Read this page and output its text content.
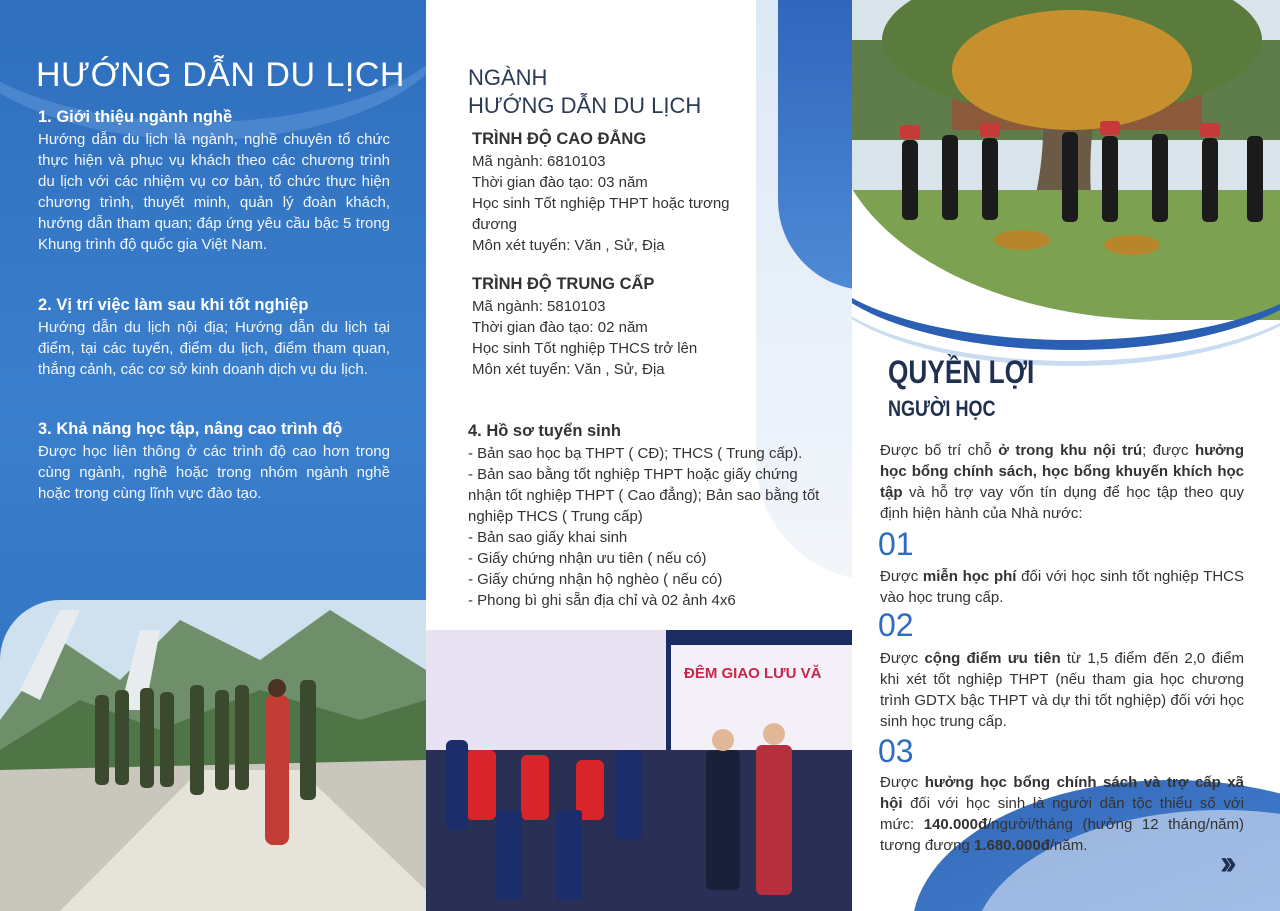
HƯỚNG DẪN DU LỊCH
1. Giới thiệu ngành nghề

Hướng dẫn du lịch là ngành, nghề chuyên tổ chức thực hiện và phục vụ khách theo các chương trình du lịch với các nhiệm vụ cơ bản, tổ chức thực hiện chương trình, thuyết minh, quản lý đoàn khách, hướng dẫn tham quan; đáp ứng yêu cầu bậc 5 trong Khung trình độ quốc gia Việt Nam.

2. Vị trí việc làm sau khi tốt nghiệp

Hướng dẫn du lịch nội địa; Hướng dẫn du lịch tại điểm, tại các tuyến, điểm du lịch, điểm tham quan, thắng cảnh, các cơ sở kinh doanh dịch vụ du lịch.

3. Khả năng học tập, nâng cao trình độ

Được học liên thông ở các trình độ cao hơn trong cùng ngành, nghề hoặc trong nhóm ngành nghề hoặc trong cùng lĩnh vực đào tạo.

NGÀNH
HƯỚNG DẪN DU LỊCH
TRÌNH ĐỘ CAO ĐẲNG
Mã ngành: 6810103
Thời gian đào tạo: 03 năm
Học sinh Tốt nghiệp THPT hoặc tương đương
Môn xét tuyển: Văn , Sử, Địa
TRÌNH ĐỘ TRUNG CẤP
Mã ngành: 5810103
Thời gian đào tạo: 02 năm
Học sinh Tốt nghiệp THCS trở lên
Môn xét tuyển: Văn , Sử, Địa
4. Hồ sơ tuyển sinh
- Bản sao học bạ THPT ( CĐ); THCS ( Trung cấp).
- Bản sao bằng tốt nghiệp THPT hoặc giấy chứng nhận tốt nghiệp THPT ( Cao đẳng); Bản sao bằng tốt nghiệp THCS ( Trung cấp)
- Bản sao giấy khai sinh
- Giấy chứng nhận ưu tiên ( nếu có)
- Giấy chứng nhận hộ nghèo ( nếu có)
- Phong bì ghi sẵn địa chỉ và 02 ảnh 4x6
ĐÊM GIAO LƯU VĂ
QUYỀN LỢI
NGƯỜI HỌC
Được bố trí chỗ ở trong khu nội trú; được hưởng học bổng chính sách, học bổng khuyến khích học tập và hỗ trợ vay vốn tín dụng để học tập theo quy định hiện hành của Nhà nước:
01
Được miễn học phí đối với học sinh tốt nghiệp THCS vào học trung cấp.
02
Được cộng điểm ưu tiên từ 1,5 điểm đến 2,0 điểm khi xét tốt nghiệp THPT (nếu tham gia học chương trình GDTX bậc THPT và dự thi tốt nghiệp) đối với học sinh học trung cấp.
03
Được hưởng học bổng chính sách và trợ cấp xã hội đối với học sinh là người dân tộc thiểu số với mức: 140.000đ/người/tháng (hưởng 12 tháng/năm) tương đương 1.680.000đ/năm.	››
